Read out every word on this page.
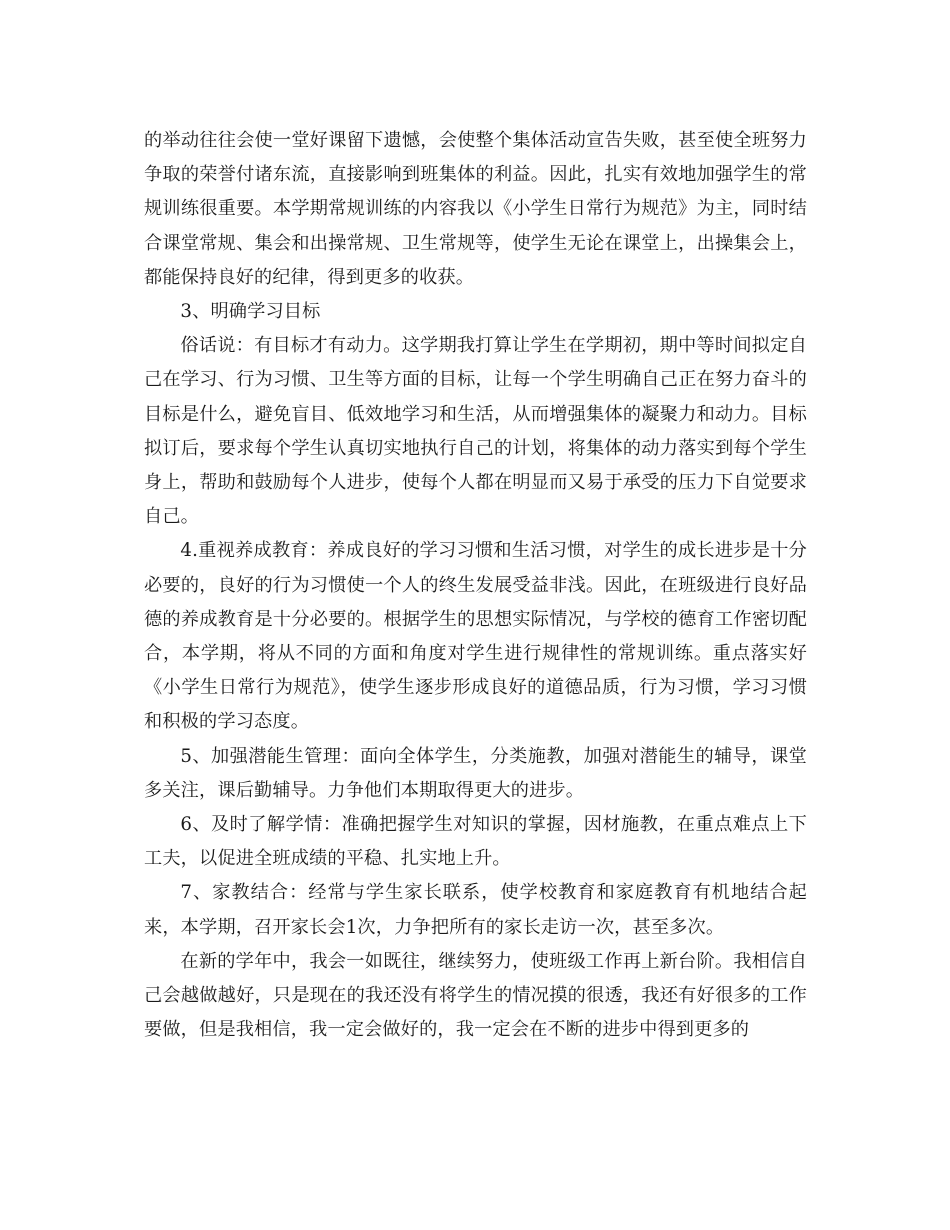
的举动往往会使一堂好课留下遗憾，会使整个集体活动宣告失败，甚至使全班努力争取的荣誉付诸东流，直接影响到班集体的利益。因此，扎实有效地加强学生的常规训练很重要。本学期常规训练的内容我以《小学生日常行为规范》为主，同时结合课堂常规、集会和出操常规、卫生常规等，使学生无论在课堂上，出操集会上，都能保持良好的纪律，得到更多的收获。

3、明确学习目标

俗话说：有目标才有动力。这学期我打算让学生在学期初，期中等时间拟定自己在学习、行为习惯、卫生等方面的目标，让每一个学生明确自己正在努力奋斗的目标是什么，避免盲目、低效地学习和生活，从而增强集体的凝聚力和动力。目标拟订后，要求每个学生认真切实地执行自己的计划，将集体的动力落实到每个学生身上，帮助和鼓励每个人进步，使每个人都在明显而又易于承受的压力下自觉要求自己。

4.重视养成教育：养成良好的学习习惯和生活习惯，对学生的成长进步是十分必要的，良好的行为习惯使一个人的终生发展受益非浅。因此，在班级进行良好品德的养成教育是十分必要的。根据学生的思想实际情况，与学校的德育工作密切配合，本学期，将从不同的方面和角度对学生进行规律性的常规训练。重点落实好《小学生日常行为规范》，使学生逐步形成良好的道德品质，行为习惯，学习习惯和积极的学习态度。

5、加强潜能生管理：面向全体学生，分类施教，加强对潜能生的辅导，课堂多关注，课后勤辅导。力争他们本期取得更大的进步。

6、及时了解学情：准确把握学生对知识的掌握，因材施教，在重点难点上下工夫，以促进全班成绩的平稳、扎实地上升。

7、家教结合：经常与学生家长联系，使学校教育和家庭教育有机地结合起来，本学期，召开家长会1次，力争把所有的家长走访一次，甚至多次。

在新的学年中，我会一如既往，继续努力，使班级工作再上新台阶。我相信自己会越做越好，只是现在的我还没有将学生的情况摸的很透，我还有好很多的工作要做，但是我相信，我一定会做好的，我一定会在不断的进步中得到更多的
